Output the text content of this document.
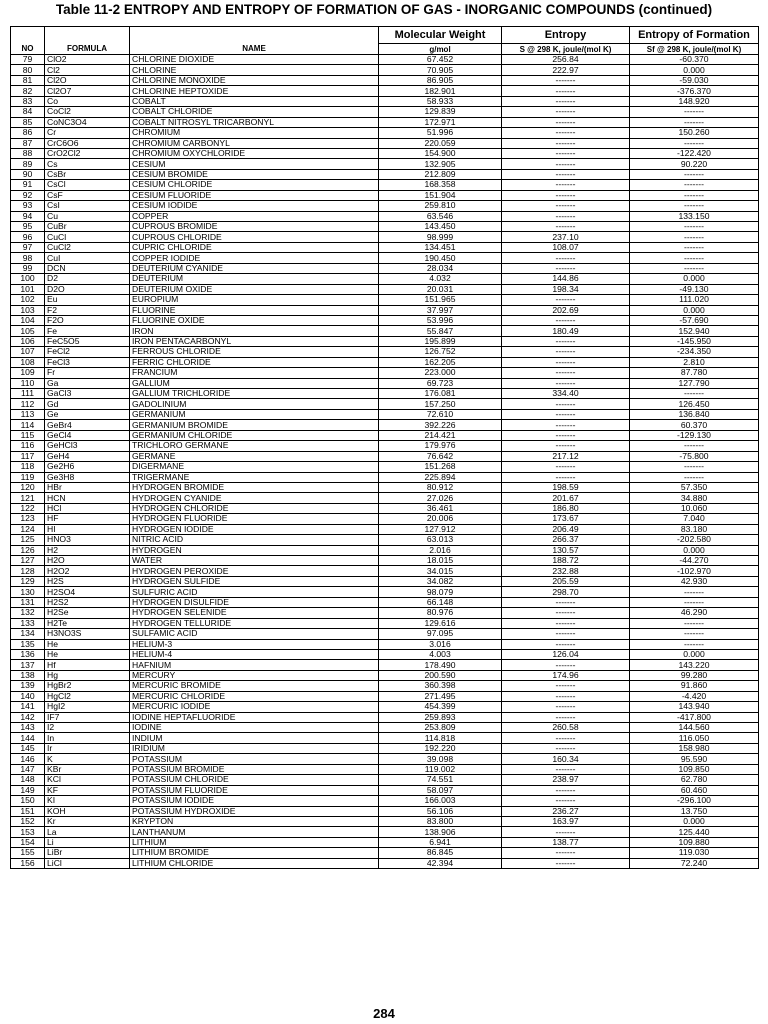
Table 11-2 ENTROPY AND ENTROPY OF FORMATION OF GAS - INORGANIC COMPOUNDS (continued)
			Molecular Weight	Entropy	Entropy of Formation
NO	FORMULA	NAME	g/mol	S @ 298 K, joule/(mol K)	Sf @ 298 K, joule/(mol K)
79	ClO2	CHLORINE DIOXIDE	67.452	256.84	-60.370
80	Cl2	CHLORINE	70.905	222.97	0.000
81	Cl2O	CHLORINE MONOXIDE	86.905	-------	-59.030
82	Cl2O7	CHLORINE HEPTOXIDE	182.901	-------	-376.370
83	Co	COBALT	58.933	-------	148.920
84	CoCl2	COBALT CHLORIDE	129.839	-------	-------
85	CoNC3O4	COBALT NITROSYL TRICARBONYL	172.971	-------	-------
86	Cr	CHROMIUM	51.996	-------	150.260
87	CrC6O6	CHROMIUM CARBONYL	220.059	-------	-------
88	CrO2Cl2	CHROMIUM OXYCHLORIDE	154.900	-------	-122.420
89	Cs	CESIUM	132.905	-------	90.220
90	CsBr	CESIUM BROMIDE	212.809	-------	-------
91	CsCl	CESIUM CHLORIDE	168.358	-------	-------
92	CsF	CESIUM FLUORIDE	151.904	-------	-------
93	CsI	CESIUM IODIDE	259.810	-------	-------
94	Cu	COPPER	63.546	-------	133.150
95	CuBr	CUPROUS BROMIDE	143.450	-------	-------
96	CuCl	CUPROUS CHLORIDE	98.999	237.10	-------
97	CuCl2	CUPRIC CHLORIDE	134.451	108.07	-------
98	CuI	COPPER IODIDE	190.450	-------	-------
99	DCN	DEUTERIUM CYANIDE	28.034	-------	-------
100	D2	DEUTERIUM	4.032	144.86	0.000
101	D2O	DEUTERIUM OXIDE	20.031	198.34	-49.130
102	Eu	EUROPIUM	151.965	-------	111.020
103	F2	FLUORINE	37.997	202.69	0.000
104	F2O	FLUORINE OXIDE	53.996	-------	-57.690
105	Fe	IRON	55.847	180.49	152.940
106	FeC5O5	IRON PENTACARBONYL	195.899	-------	-145.950
107	FeCl2	FERROUS CHLORIDE	126.752	-------	-234.350
108	FeCl3	FERRIC CHLORIDE	162.205	-------	2.810
109	Fr	FRANCIUM	223.000	-------	87.780
110	Ga	GALLIUM	69.723	-------	127.790
111	GaCl3	GALLIUM TRICHLORIDE	176.081	334.40	-------
112	Gd	GADOLINIUM	157.250	-------	126.450
113	Ge	GERMANIUM	72.610	-------	136.840
114	GeBr4	GERMANIUM BROMIDE	392.226	-------	60.370
115	GeCl4	GERMANIUM CHLORIDE	214.421	-------	-129.130
116	GeHCl3	TRICHLORO GERMANE	179.976	-------	-------
117	GeH4	GERMANE	76.642	217.12	-75.800
118	Ge2H6	DIGERMANE	151.268	-------	-------
119	Ge3H8	TRIGERMANE	225.894	-------	-------
120	HBr	HYDROGEN BROMIDE	80.912	198.59	57.350
121	HCN	HYDROGEN CYANIDE	27.026	201.67	34.880
122	HCl	HYDROGEN CHLORIDE	36.461	186.80	10.060
123	HF	HYDROGEN FLUORIDE	20.006	173.67	7.040
124	HI	HYDROGEN IODIDE	127.912	206.49	83.180
125	HNO3	NITRIC ACID	63.013	266.37	-202.580
126	H2	HYDROGEN	2.016	130.57	0.000
127	H2O	WATER	18.015	188.72	-44.270
128	H2O2	HYDROGEN PEROXIDE	34.015	232.88	-102.970
129	H2S	HYDROGEN SULFIDE	34.082	205.59	42.930
130	H2SO4	SULFURIC ACID	98.079	298.70	-------
131	H2S2	HYDROGEN DISULFIDE	66.148	-------	-------
132	H2Se	HYDROGEN SELENIDE	80.976	-------	46.290
133	H2Te	HYDROGEN TELLURIDE	129.616	-------	-------
134	H3NO3S	SULFAMIC ACID	97.095	-------	-------
135	He	HELIUM-3	3.016	-------	-------
136	He	HELIUM-4	4.003	126.04	0.000
137	Hf	HAFNIUM	178.490	-------	143.220
138	Hg	MERCURY	200.590	174.96	99.280
139	HgBr2	MERCURIC BROMIDE	360.398	-------	91.860
140	HgCl2	MERCURIC CHLORIDE	271.495	-------	-4.420
141	HgI2	MERCURIC IODIDE	454.399	-------	143.940
142	IF7	IODINE HEPTAFLUORIDE	259.893	-------	-417.800
143	I2	IODINE	253.809	260.58	144.560
144	In	INDIUM	114.818	-------	116.050
145	Ir	IRIDIUM	192.220	-------	158.980
146	K	POTASSIUM	39.098	160.34	95.590
147	KBr	POTASSIUM BROMIDE	119.002	-------	109.850
148	KCl	POTASSIUM CHLORIDE	74.551	238.97	62.780
149	KF	POTASSIUM FLUORIDE	58.097	-------	60.460
150	KI	POTASSIUM IODIDE	166.003	-------	-296.100
151	KOH	POTASSIUM HYDROXIDE	56.106	236.27	13.750
152	Kr	KRYPTON	83.800	163.97	0.000
153	La	LANTHANUM	138.906	-------	125.440
154	Li	LITHIUM	6.941	138.77	109.880
155	LiBr	LITHIUM BROMIDE	86.845	-------	119.030
156	LiCl	LITHIUM CHLORIDE	42.394	-------	72.240
284
